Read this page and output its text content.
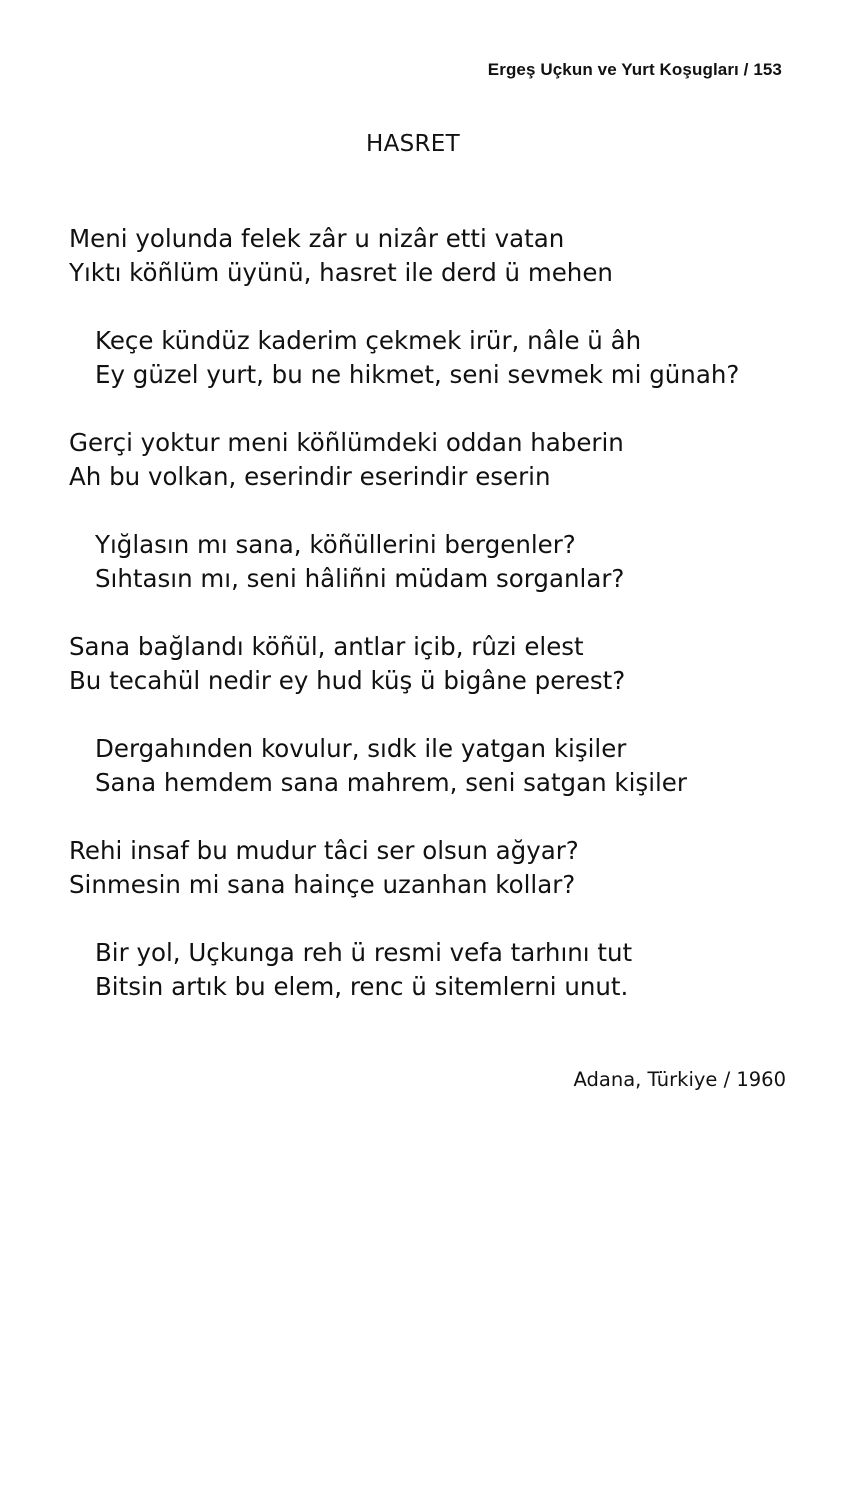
Ergeş Uçkun ve Yurt Koşugları / 153
HASRET
Meni yolunda felek zâr u nizâr etti vatan
Yıktı köñlüm üyünü, hasret ile derd ü mehen
Keçe kündüz kaderim çekmek irür, nâle ü âh
Ey güzel yurt, bu ne hikmet, seni sevmek mi günah?
Gerçi yoktur meni köñlümdeki oddan haberin
Ah bu volkan, eserindir eserindir eserin
Yığlasın mı sana, köñüllerini bergenler?
Sıhtasın mı, seni hâliñni müdam sorganlar?
Sana bağlandı köñül, antlar içib, rûzi elest
Bu tecahül nedir ey hud küş ü bigâne perest?
Dergahınden kovulur, sıdk ile yatgan kişiler
Sana hemdem sana mahrem, seni satgan kişiler
Rehi insaf bu mudur tâci ser olsun ağyar?
Sinmesin mi sana hainçe uzanhan kollar?
Bir yol, Uçkunga reh ü resmi vefa tarhını tut
Bitsin artık bu elem, renc ü sitemlerni unut.
Adana, Türkiye / 1960
